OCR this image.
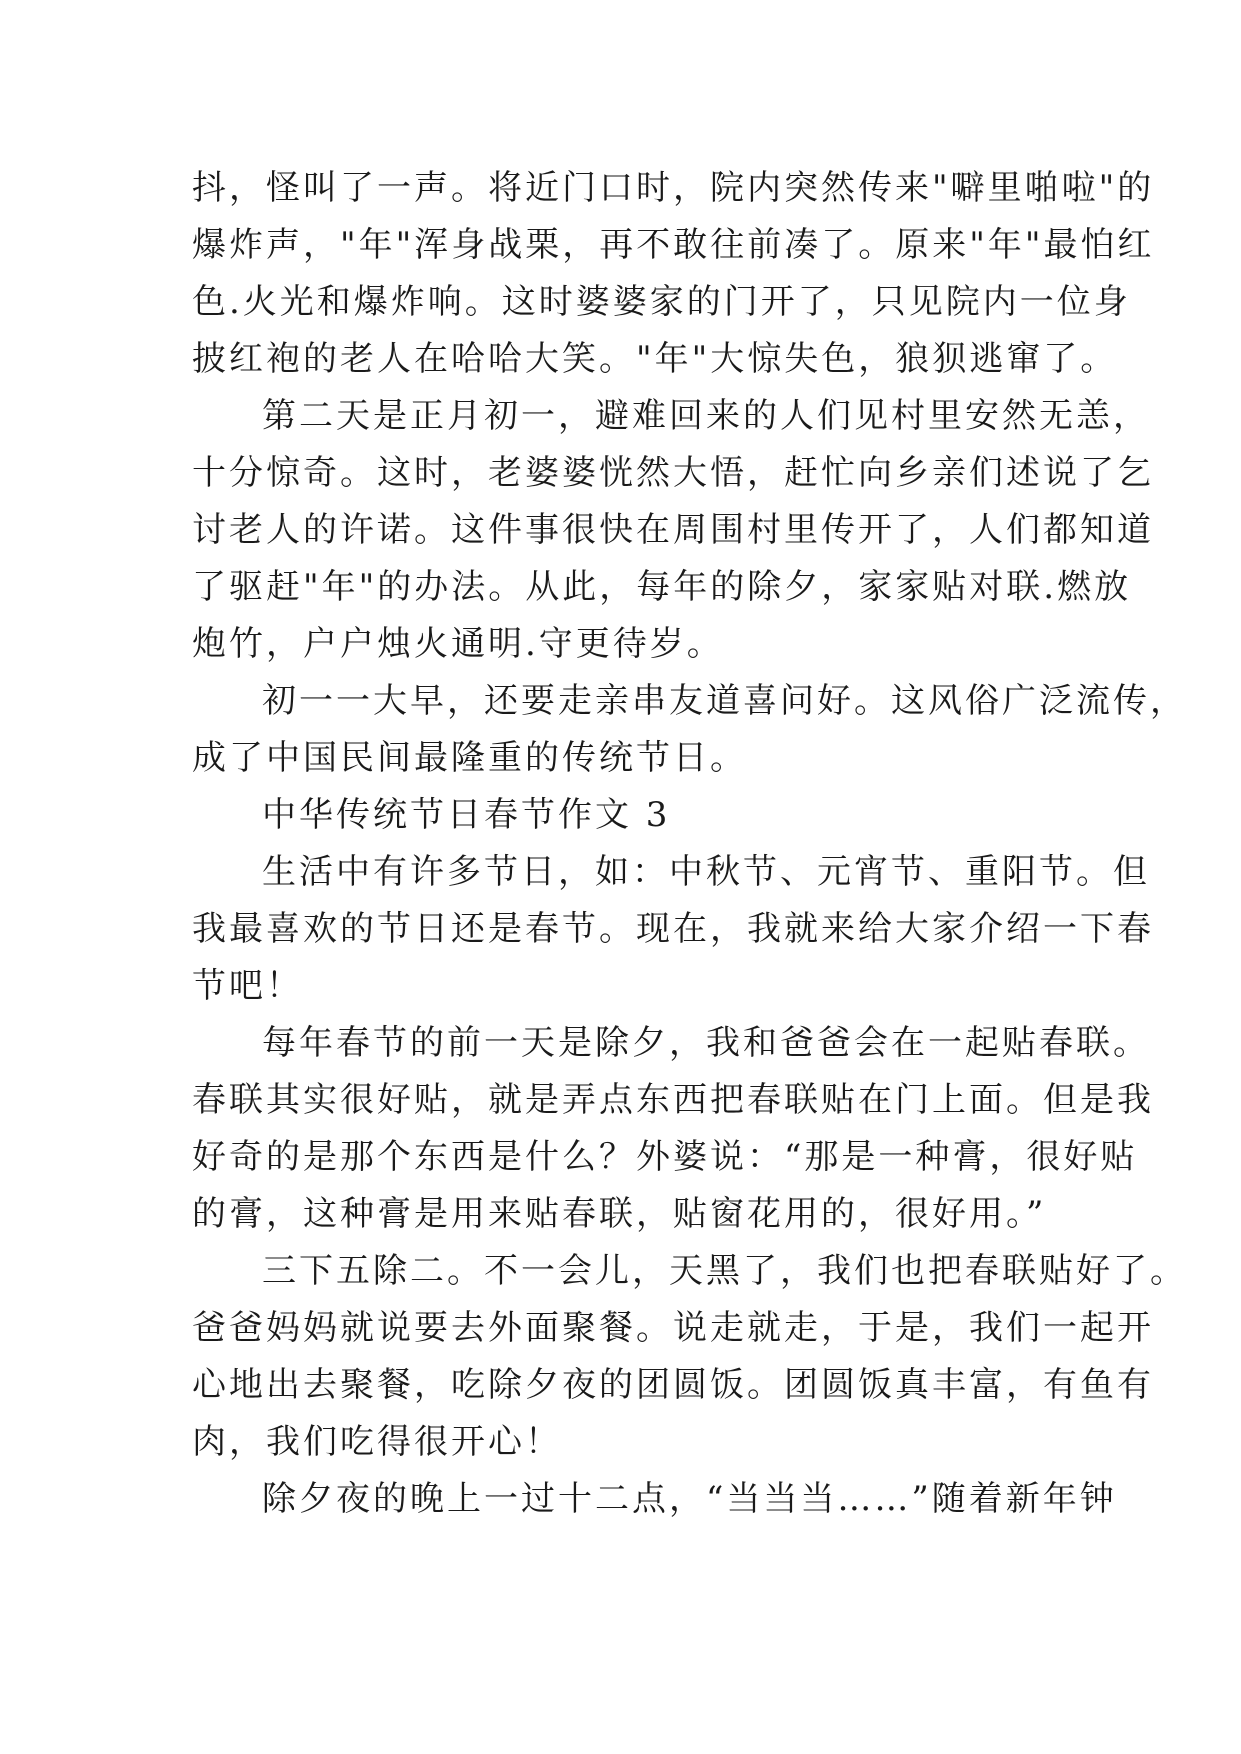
抖，怪叫了一声。将近门口时，院内突然传来"噼里啪啦"的
爆炸声，"年"浑身战栗，再不敢往前凑了。原来"年"最怕红
色.火光和爆炸响。这时婆婆家的门开了，只见院内一位身
披红袍的老人在哈哈大笑。"年"大惊失色，狼狈逃窜了。
第二天是正月初一，避难回来的人们见村里安然无恙，
十分惊奇。这时，老婆婆恍然大悟，赶忙向乡亲们述说了乞
讨老人的许诺。这件事很快在周围村里传开了，人们都知道
了驱赶"年"的办法。从此，每年的除夕，家家贴对联.燃放
炮竹，户户烛火通明.守更待岁。
初一一大早，还要走亲串友道喜问好。这风俗广泛流传，
成了中国民间最隆重的传统节日。
中华传统节日春节作文 3
生活中有许多节日，如：中秋节、元宵节、重阳节。但
我最喜欢的节日还是春节。现在，我就来给大家介绍一下春
节吧！
每年春节的前一天是除夕，我和爸爸会在一起贴春联。
春联其实很好贴，就是弄点东西把春联贴在门上面。但是我
好奇的是那个东西是什么？外婆说：“那是一种膏，很好贴
的膏，这种膏是用来贴春联，贴窗花用的，很好用。”
三下五除二。不一会儿，天黑了，我们也把春联贴好了。
爸爸妈妈就说要去外面聚餐。说走就走，于是，我们一起开
心地出去聚餐，吃除夕夜的团圆饭。团圆饭真丰富，有鱼有
肉，我们吃得很开心！
除夕夜的晚上一过十二点，“当当当……”随着新年钟
